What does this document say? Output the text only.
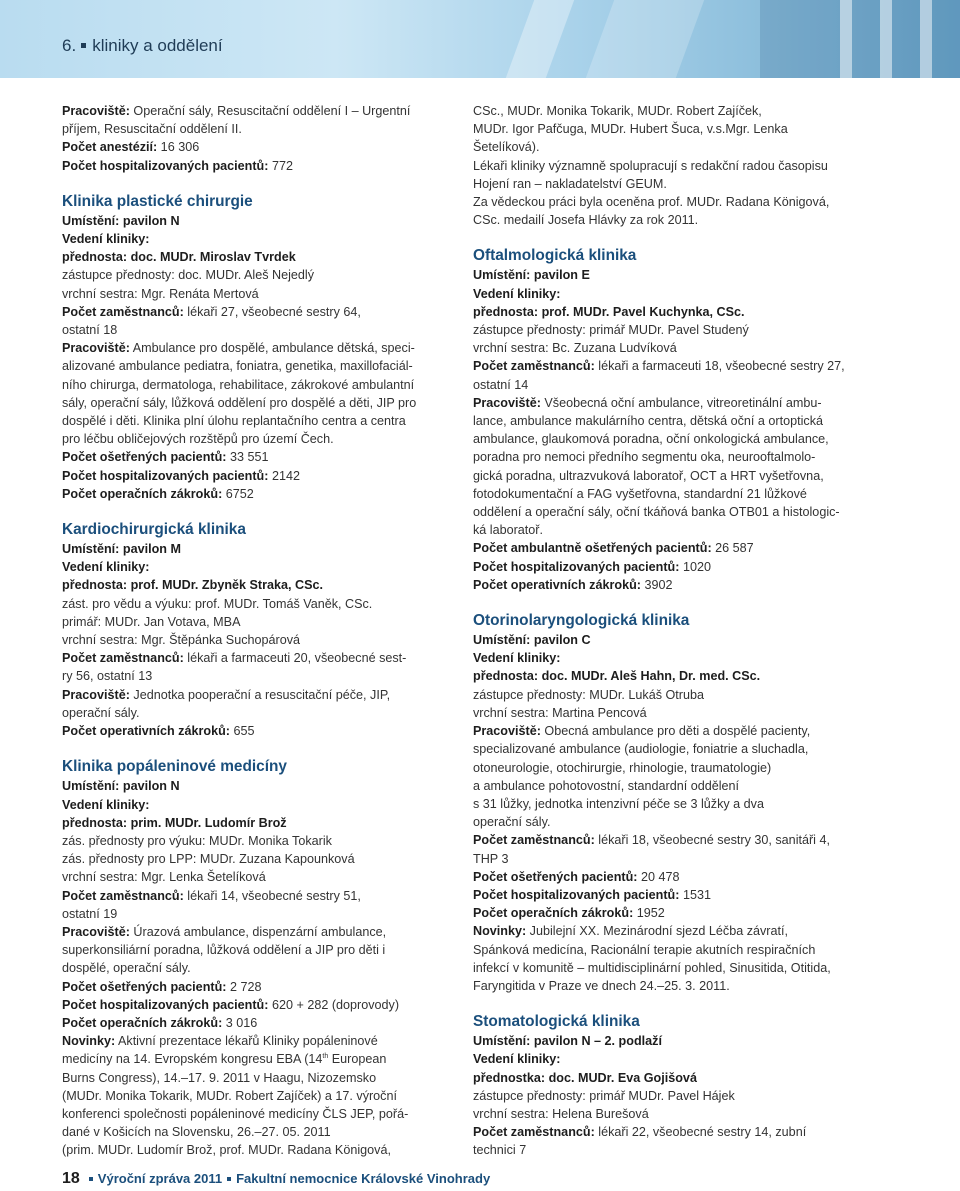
6. kliniky a oddělení
Pracoviště: Operační sály, Resuscitační oddělení I – Urgentní
příjem, Resuscitační oddělení II.
Počet anestézií: 16 306
Počet hospitalizovaných pacientů: 772
Klinika plastické chirurgie
Umístění: pavilon N
Vedení kliniky:
přednosta: doc. MUDr. Miroslav Tvrdek
zástupce přednosty: doc. MUDr. Aleš Nejedlý
vrchní sestra: Mgr. Renáta Mertová
Počet zaměstnanců: lékaři 27, všeobecné sestry 64,
ostatní 18
Pracoviště: Ambulance pro dospělé, ambulance dětská, speci-
alizované ambulance pediatra, foniatra, genetika, maxillofaciál-
ního chirurga, dermatologa, rehabilitace, zákrokové ambulantní
sály, operační sály, lůžková oddělení pro dospělé a děti, JIP pro
dospělé i děti. Klinika plní úlohu replantačního centra a centra
pro léčbu obličejových rozštěpů pro území Čech.
Počet ošetřených pacientů: 33 551
Počet hospitalizovaných pacientů: 2142
Počet operačních zákroků: 6752
Kardiochirurgická klinika
Umístění: pavilon M
Vedení kliniky:
přednosta: prof. MUDr. Zbyněk Straka, CSc.
zást. pro vědu a výuku: prof. MUDr. Tomáš Vaněk, CSc.
primář: MUDr. Jan Votava, MBA
vrchní sestra: Mgr. Štěpánka Suchopárová
Počet zaměstnanců: lékaři a farmaceuti 20, všeobecné sest-
ry 56, ostatní 13
Pracoviště: Jednotka pooperační a resuscitační péče, JIP,
operační sály.
Počet operativních zákroků: 655
Klinika popáleninové medicíny
Umístění: pavilon N
Vedení kliniky:
přednosta: prim. MUDr. Ludomír Brož
zás. přednosty pro výuku: MUDr. Monika Tokarik
zás. přednosty pro LPP: MUDr. Zuzana Kapounková
vrchní sestra: Mgr. Lenka Šetelíková
Počet zaměstnanců: lékaři 14, všeobecné sestry 51,
ostatní 19
Pracoviště: Úrazová ambulance, dispenzární ambulance,
superkonsiliární poradna, lůžková oddělení a JIP pro děti i
dospělé, operační sály.
Počet ošetřených pacientů: 2 728
Počet hospitalizovaných pacientů: 620 + 282 (doprovody)
Počet operačních zákroků: 3 016
Novinky: Aktivní prezentace lékařů Kliniky popáleninové
medicíny na 14. Evropském kongresu EBA (14th European
Burns Congress), 14.–17. 9. 2011 v Haagu, Nizozemsko
(MUDr. Monika Tokarik, MUDr. Robert Zajíček) a 17. výroční
konferenci společnosti popáleninové medicíny ČLS JEP, pořá-
dané v Košicích na Slovensku, 26.–27. 05. 2011
(prim. MUDr. Ludomír Brož, prof. MUDr. Radana Königová,
CSc., MUDr. Monika Tokarik, MUDr. Robert Zajíček,
MUDr. Igor Pafčuga, MUDr. Hubert Šuca, v.s.Mgr. Lenka
Šetelíková).
Lékaři kliniky významně spolupracují s redakční radou časopisu
Hojení ran – nakladatelství GEUM.
Za vědeckou práci byla oceněna prof. MUDr. Radana Königová,
CSc. medailí Josefa Hlávky za rok 2011.
Oftalmologická klinika
Umístění: pavilon E
Vedení kliniky:
přednosta: prof. MUDr. Pavel Kuchynka, CSc.
zástupce přednosty: primář MUDr. Pavel Studený
vrchní sestra: Bc. Zuzana Ludvíková
Počet zaměstnanců: lékaři a farmaceuti 18, všeobecné sestry 27,
ostatní 14
Pracoviště: Všeobecná oční ambulance, vitreoretinální ambu-
lance, ambulance makulárního centra, dětská oční a ortoptická
ambulance, glaukomová poradna, oční onkologická ambulance,
poradna pro nemoci předního segmentu oka, neurooftalmolo-
gická poradna, ultrazvuková laboratoř, OCT a HRT vyšetřovna,
fotodokumentační a FAG vyšetřovna, standardní 21 lůžkové
oddělení a operační sály, oční tkáňová banka OTB01 a histologic-
ká laboratoř.
Počet ambulantně ošetřených pacientů: 26 587
Počet hospitalizovaných pacientů: 1020
Počet operativních zákroků: 3902
Otorinolaryngologická klinika
Umístění: pavilon C
Vedení kliniky:
přednosta: doc. MUDr. Aleš Hahn, Dr. med. CSc.
zástupce přednosty: MUDr. Lukáš Otruba
vrchní sestra: Martina Pencová
Pracoviště: Obecná ambulance pro děti a dospělé pacienty,
specializované ambulance (audiologie, foniatrie a sluchadla,
otoneurologie, otochirurgie, rhinologie, traumatologie)
a ambulance pohotovostní, standardní oddělení
s 31 lůžky, jednotka intenzivní péče se 3 lůžky a dva
operační sály.
Počet zaměstnanců: lékaři 18, všeobecné sestry 30, sanitáři 4,
THP 3
Počet ošetřených pacientů: 20 478
Počet hospitalizovaných pacientů: 1531
Počet operačních zákroků: 1952
Novinky: Jubilejní XX. Mezinárodní sjezd Léčba závratí,
Spánková medicína, Racionální terapie akutních respiračních
infekcí v komunitě – multidisciplinární pohled, Sinusitida, Otitida,
Faryngitida v Praze ve dnech 24.–25. 3. 2011.
Stomatologická klinika
Umístění: pavilon N – 2. podlaží
Vedení kliniky:
přednostka: doc. MUDr. Eva Gojišová
zástupce přednosty: primář MUDr. Pavel Hájek
vrchní sestra: Helena Burešová
Počet zaměstnanců: lékaři 22, všeobecné sestry 14, zubní
technici 7
18 Výroční zpráva 2011 Fakultní nemocnice Královské Vinohrady
